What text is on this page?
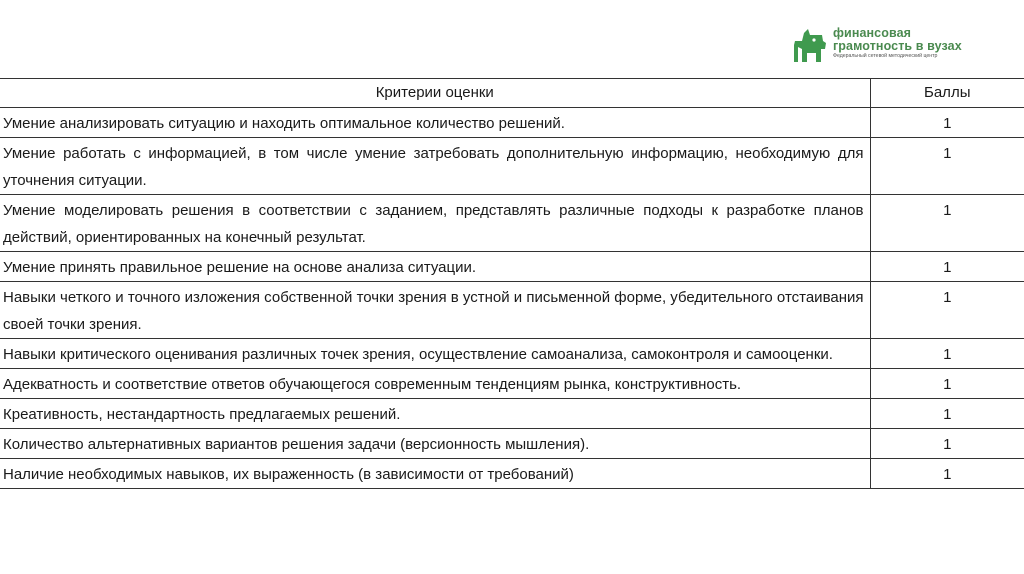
финансовая
грамотность в вузах
Федеральный сетевой методический центр
Критерии оценки	Баллы
Умение анализировать ситуацию и находить оптимальное количество решений.	1
Умение работать с информацией, в том числе умение затребовать дополнительную информацию, необходимую для уточнения ситуации.	1
Умение моделировать решения в соответствии с заданием, представлять различные подходы к разработке планов действий, ориентированных на конечный результат.	1
Умение принять правильное решение на основе анализа ситуации.	1
Навыки четкого и точного изложения собственной точки зрения в устной и письменной форме, убедительного отстаивания своей точки зрения.	1
Навыки критического оценивания различных точек зрения, осуществление самоанализа, самоконтроля и самооценки.	1
Адекватность и соответствие ответов обучающегося современным тенденциям рынка, конструктивность.	1
Креативность, нестандартность предлагаемых решений.	1
Количество альтернативных вариантов решения задачи (версионность мышления).	1
Наличие необходимых навыков, их выраженность (в зависимости от требований)	1
